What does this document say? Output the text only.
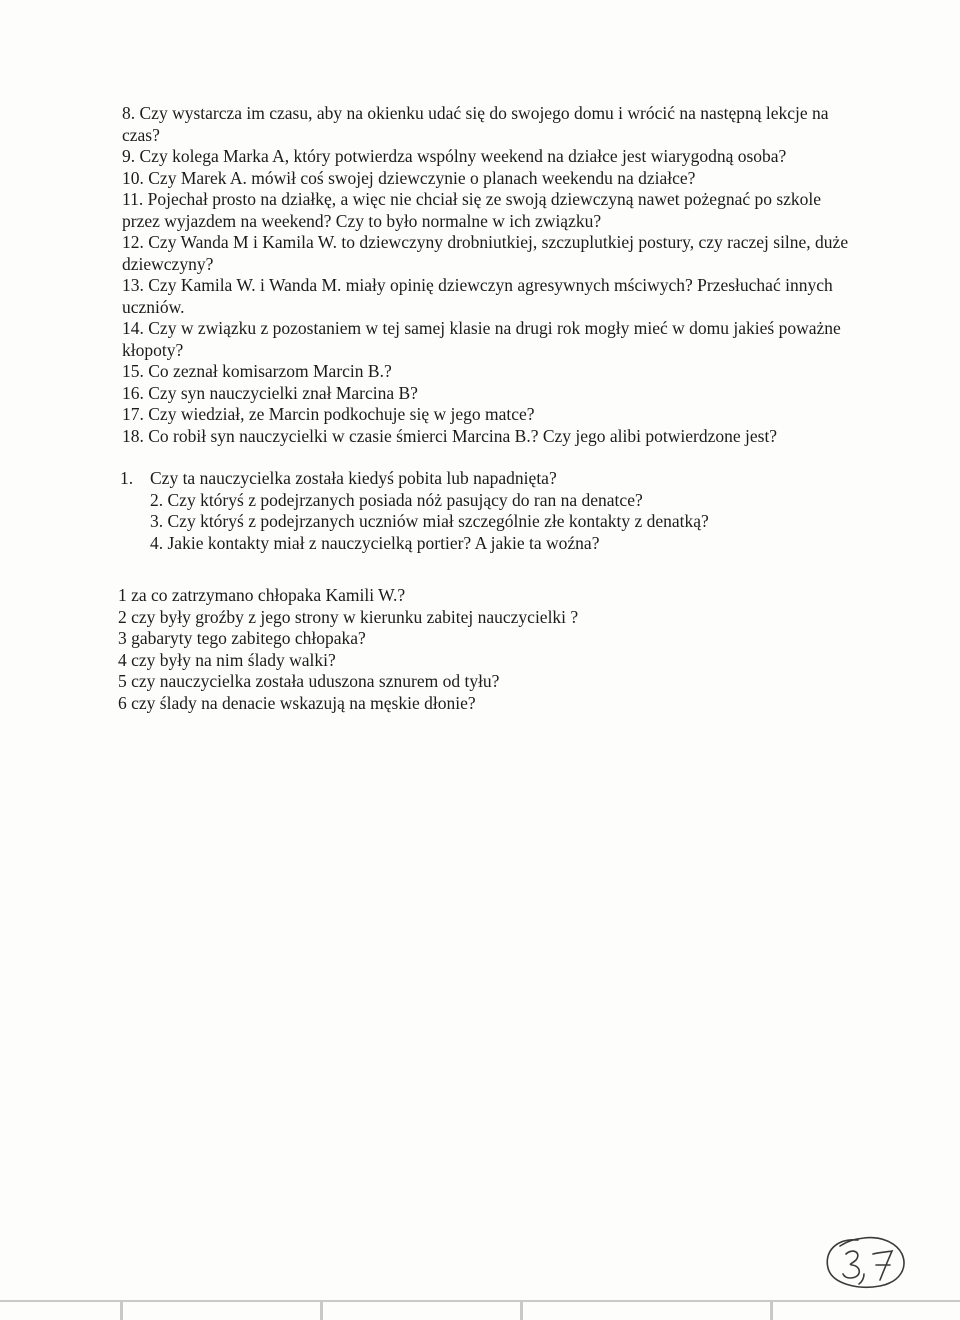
8. Czy wystarcza im czasu, aby na okienku udać się do swojego domu i wrócić na następną lekcje na czas?

9. Czy kolega Marka A, który potwierdza wspólny weekend na działce jest wiarygodną osoba?

10. Czy Marek A. mówił coś swojej dziewczynie o planach weekendu na działce?

11. Pojechał prosto na działkę, a więc nie chciał się ze swoją dziewczyną nawet pożegnać po szkole przez wyjazdem na weekend? Czy to było normalne w ich związku?

12. Czy Wanda M i Kamila W. to dziewczyny drobniutkiej, szczuplutkiej postury, czy raczej silne, duże dziewczyny?

13. Czy Kamila W. i Wanda M. miały opinię dziewczyn agresywnych mściwych? Przesłuchać innych uczniów.

14. Czy w związku z pozostaniem w tej samej klasie na drugi rok mogły mieć w domu jakieś poważne kłopoty?

15. Co zeznał komisarzom Marcin B.?

16. Czy syn nauczycielki znał Marcina B?

17. Czy wiedział, ze Marcin podkochuje się w jego matce?

18. Co robił syn nauczycielki w czasie śmierci Marcina B.? Czy jego alibi potwierdzone jest?

1. Czy ta nauczycielka została kiedyś pobita lub napadnięta?

2. Czy któryś z podejrzanych posiada nóż pasujący do ran na denatce?

3. Czy któryś z podejrzanych uczniów miał szczególnie złe kontakty z denatką?

4. Jakie kontakty miał z nauczycielką portier? A jakie ta woźna?

1 za co zatrzymano chłopaka Kamili W.?

2 czy były groźby z jego strony w kierunku zabitej nauczycielki ?

3 gabaryty tego zabitego chłopaka?

4 czy były na nim ślady walki?

5 czy nauczycielka została uduszona sznurem od tyłu?

6 czy ślady na denacie wskazują na męskie dłonie?
